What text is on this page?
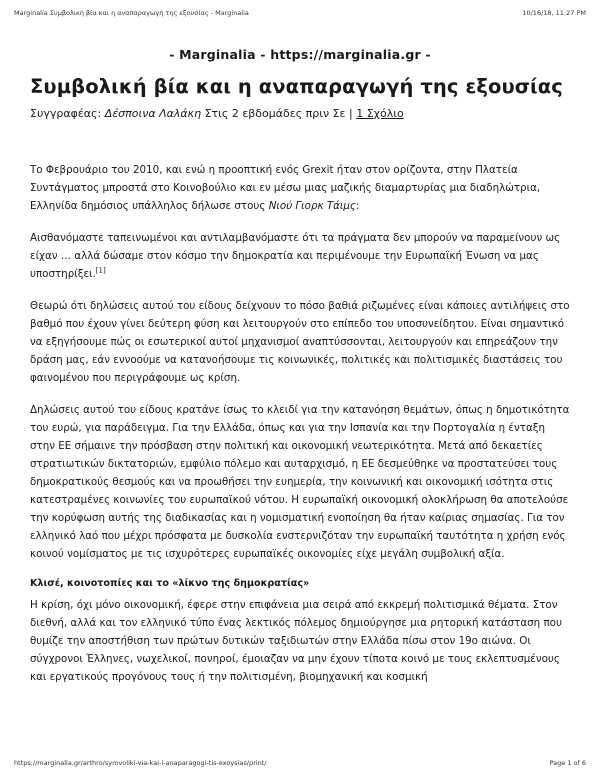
Marginalia Συμβολική βία και η αναπαραγωγή της εξουσίας - Marginalia	10/16/18, 11:27 PM
- Marginalia - https://marginalia.gr -
Συμβολική βία και η αναπαραγωγή της εξουσίας
Συγγραφέας: Δέσποινα Λαλάκη Στις 2 εβδομάδες πριν Σε | 1 Σχόλιο

Το Φεβρουάριο του 2010, και ενώ η προοπτική ενός Grexit ήταν στον ορίζοντα, στην Πλατεία Συντάγματος μπροστά στο Κοινοβούλιο και εν μέσω μιας μαζικής διαμαρτυρίας μια διαδηλώτρια, Ελληνίδα δημόσιος υπάλληλος δήλωσε στους Νιού Γιορκ Τάιμς:

Αισθανόμαστε ταπεινωμένοι και αντιλαμβανόμαστε ότι τα πράγματα δεν μπορούν να παραμείνουν ως είχαν … αλλά δώσαμε στον κόσμο την δημοκρατία και περιμένουμε την Ευρωπαϊκή Ένωση να μας υποστηρίξει.[1]

Θεωρώ ότι δηλώσεις αυτού του είδους δείχνουν το πόσο βαθιά ριζωμένες είναι κάποιες αντιλήψεις στο βαθμό που έχουν γίνει δεύτερη φύση και λειτουργούν στο επίπεδο του υποσυνείδητου. Είναι σημαντικό να εξηγήσουμε πώς οι εσωτερικοί αυτοί μηχανισμοί αναπτύσσονται, λειτουργούν και επηρεάζουν την δράση μας, εάν εννοούμε να κατανοήσουμε τις κοινωνικές, πολιτικές και πολιτισμικές διαστάσεις του φαινομένου που περιγράφουμε ως κρίση.

Δηλώσεις αυτού του είδους κρατάνε ίσως το κλειδί για την κατανόηση θεμάτων, όπως η δημοτικότητα του ευρώ, για παράδειγμα. Για την Ελλάδα, όπως και για την Ισπανία και την Πορτογαλία η ένταξη στην ΕΕ σήμαινε την πρόσβαση στην πολιτική και οικονομική νεωτερικότητα. Μετά από δεκαετίες στρατιωτικών δικτατοριών, εμφύλιο πόλεμο και αυταρχισμό, η ΕΕ δεσμεύθηκε να προστατεύσει τους δημοκρατικούς θεσμούς και να προωθήσει την ευημερία, την κοινωνική και οικονομική ισότητα στις κατεστραμένες κοινωνίες του ευρωπαϊκού νότου. Η ευρωπαϊκή οικονομική ολοκλήρωση θα αποτελούσε την κορύφωση αυτής της διαδικασίας και η νομισματική ενοποίηση θα ήταν καίριας σημασίας. Για τον ελληνικό λαό που μέχρι πρόσφατα με δυσκολία ενστερνιζόταν την ευρωπαϊκή ταυτότητα η χρήση ενός κοινού νομίσματος με τις ισχυρότερες ευρωπαϊκές οικονομίες είχε μεγάλη συμβολική αξία.

Κλισέ, κοινοτοπίες και το «λίκνο της δημοκρατίας»

Η κρίση, όχι μόνο οικονομική, έφερε στην επιφάνεια μια σειρά από εκκρεμή πολιτισμικά θέματα. Στον διεθνή, αλλά και τον ελληνικό τύπο ένας λεκτικός πόλεμος δημιούργησε μια ρητορική κατάσταση που θυμίζε την αποστήθιση των πρώτων δυτικών ταξιδιωτών στην Ελλάδα πίσω στον 19ο αιώνα. Οι σύγχρονοι Έλληνες, νωχελικοί, πονηροί, έμοιαζαν να μην έχουν τίποτα κοινό με τους εκλεπτυσμένους και εργατικούς προγόνους τους ή την πολιτισμένη, βιομηχανική και κοσμική

https://marginalia.gr/arthro/symvoliki-via-kai-i-anaparagogi-tis-exoysias/print/	Page 1 of 6
